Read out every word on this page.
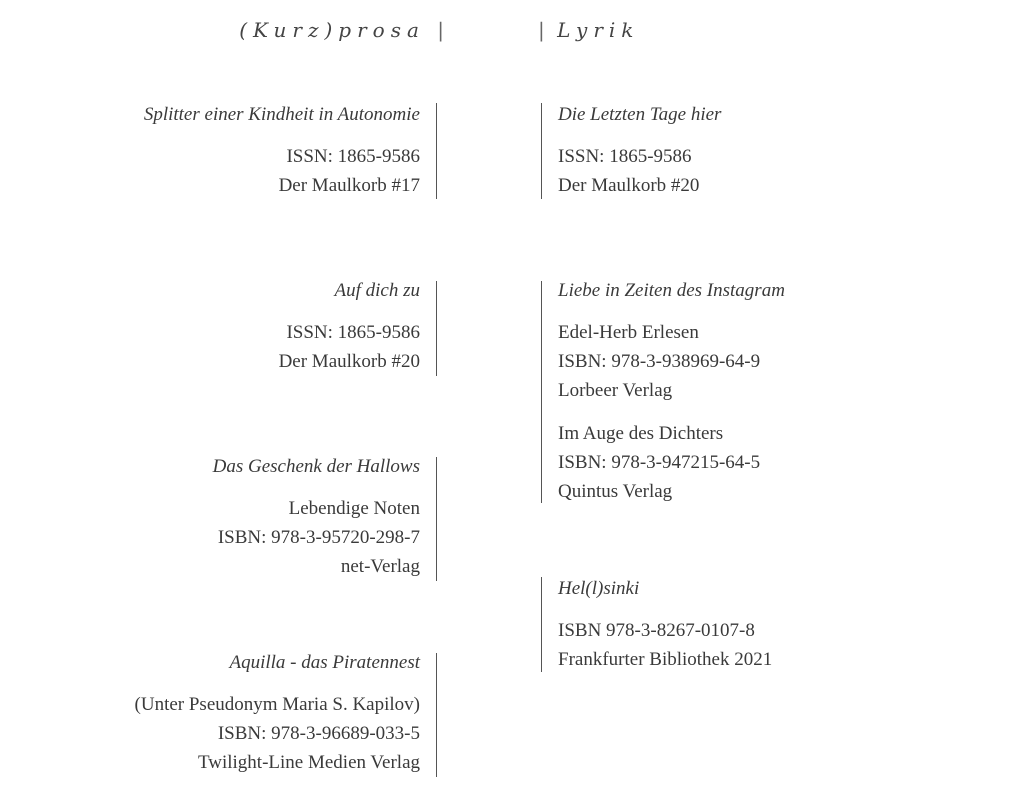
(Kurz)prosa |	| Lyrik
Splitter einer Kindheit in Autonomie
ISSN: 1865-9586
Der Maulkorb #17
Auf dich zu
ISSN: 1865-9586
Der Maulkorb #20
Das Geschenk der Hallows
Lebendige Noten
ISBN: 978-3-95720-298-7
net-Verlag
Aquilla - das Piratennest
(Unter Pseudonym Maria S. Kapilov)
ISBN: 978-3-96689-033-5
Twilight-Line Medien Verlag
Die Letzten Tage hier
ISSN: 1865-9586
Der Maulkorb #20
Liebe in Zeiten des Instagram
Edel-Herb Erlesen
ISBN: 978-3-938969-64-9
Lorbeer Verlag
Im Auge des Dichters
ISBN: 978-3-947215-64-5
Quintus Verlag
Hel(l)sinki
ISBN 978-3-8267-0107-8
Frankfurter Bibliothek 2021
